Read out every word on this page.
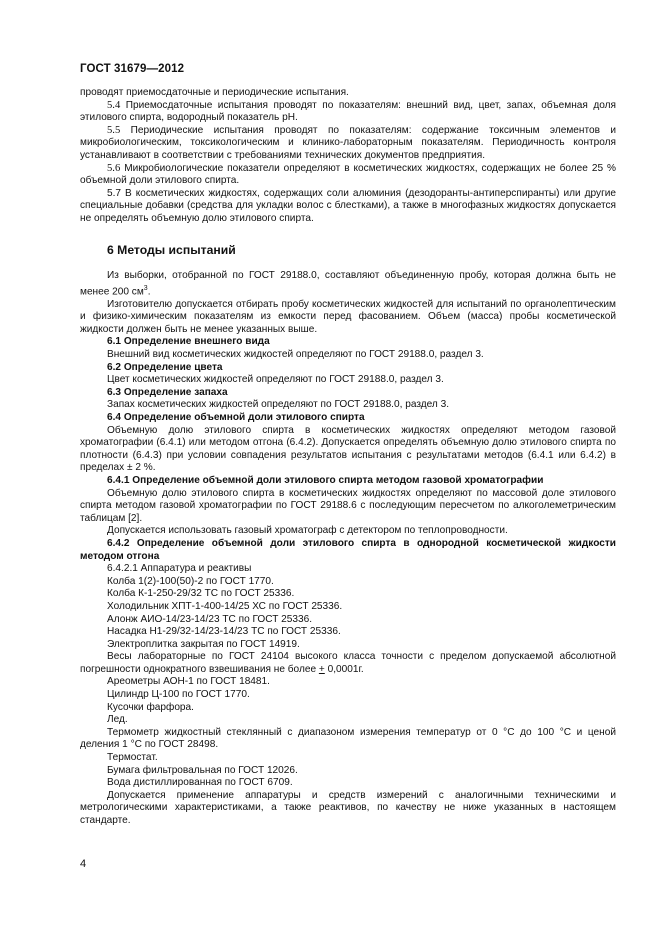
ГОСТ 31679—2012

проводят приемосдаточные и периодические испытания.

5.4 Приемосдаточные испытания проводят по показателям: внешний вид, цвет, запах, объемная доля этилового спирта, водородный показатель рН.

5.5 Периодические испытания проводят по показателям: содержание токсичным элементов и микробиологическим, токсикологическим и клинико-лабораторным показателям. Периодичность контроля устанавливают в соответствии с требованиями технических документов предприятия.

5.6 Микробиологические показатели определяют в косметических жидкостях, содержащих не более 25 % объемной доли этилового спирта.

5.7 В косметических жидкостях, содержащих соли алюминия (дезодоранты-антиперспиранты) или другие специальные добавки (средства для укладки волос с блестками), а также в многофазных жидкостях допускается не определять объемную долю этилового спирта.

6 Методы испытаний

Из выборки, отобранной по ГОСТ 29188.0, составляют объединенную пробу, которая должна быть не менее 200 $см^3$.

Изготовителю допускается отбирать пробу косметических жидкостей для испытаний по органолептическим и физико-химическим показателям из емкости перед фасованием. Объем (масса) пробы косметической жидкости должен быть не менее указанных выше.

6.1 Определение внешнего вида

Внешний вид косметических жидкостей определяют по ГОСТ 29188.0, раздел 3.

6.2 Определение цвета

Цвет косметических жидкостей определяют по ГОСТ 29188.0, раздел 3.

6.3 Определение запаха

Запах косметических жидкостей определяют по ГОСТ 29188.0, раздел 3.

6.4 Определение объемной доли этилового спирта

Объемную долю этилового спирта в косметических жидкостях определяют методом газовой хроматографии (6.4.1) или методом отгона (6.4.2). Допускается определять объемную долю этилового спирта по плотности (6.4.3) при условии совпадения результатов испытания с результатами методов (6.4.1 или 6.4.2) в пределах ± 2 %.

6.4.1 Определение объемной доли этилового спирта методом газовой хроматографии

Объемную долю этилового спирта в косметических жидкостях определяют по массовой доле этилового спирта методом газовой хроматографии по ГОСТ 29188.6 с последующим пересчетом по алкоголеметрическим таблицам [2].

Допускается использовать газовый хроматограф с детектором по теплопроводности.

6.4.2 Определение объемной доли этилового спирта в однородной косметической жидкости методом отгона

6.4.2.1 Аппаратура и реактивы

Колба 1(2)-100(50)-2 по ГОСТ 1770.

Колба К-1-250-29/32 ТС по ГОСТ 25336.

Холодильник ХПТ-1-400-14/25 ХС по ГОСТ 25336.

Алонж АИО-14/23-14/23 ТС по ГОСТ 25336.

Насадка Н1-29/32-14/23-14/23 ТС по ГОСТ 25336.

Электроплитка закрытая по ГОСТ 14919.

Весы лабораторные по ГОСТ 24104 высокого класса точности с пределом допускаемой абсолютной погрешности однократного взвешивания не более + 0,0001г.

Ареометры АОН-1 по ГОСТ 18481.

Цилиндр Ц-100 по ГОСТ 1770.

Кусочки фарфора.

Лед.

Термометр жидкостный стеклянный с диапазоном измерения температур от 0 °С до 100 °С и ценой деления 1 °С по ГОСТ 28498.

Термостат.

Бумага фильтровальная по ГОСТ 12026.

Вода дистиллированная по ГОСТ 6709.

Допускается применение аппаратуры и средств измерений с аналогичными техническими и метрологическими характеристиками, а также реактивов, по качеству не ниже указанных в настоящем стандарте.

4
